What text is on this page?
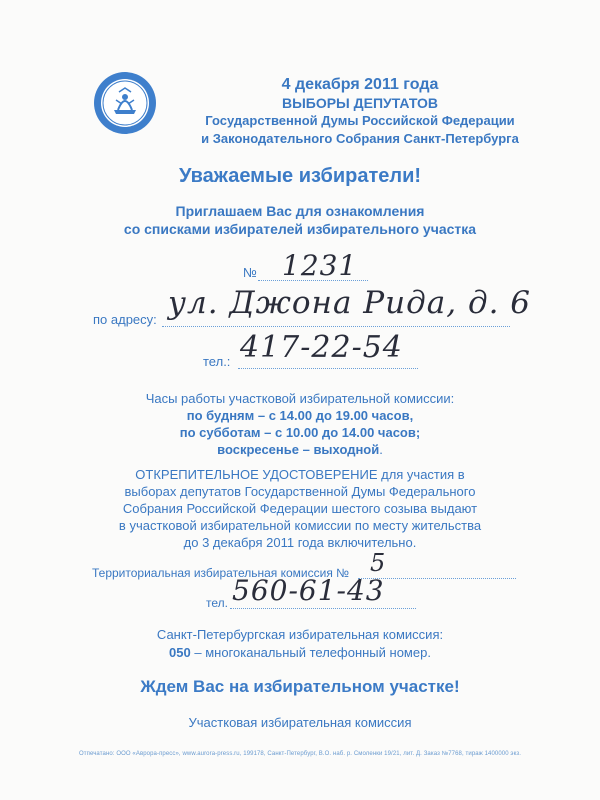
4 декабря 2011 года
ВЫБОРЫ ДЕПУТАТОВ
Государственной Думы Российской Федерации
и Законодательного Собрания Санкт-Петербурга
Уважаемые избиратели!
Приглашаем Вас для ознакомления
со списками избирателей избирательного участка
№ 1231
по адресу: ул. Джона Рида, д. 6
тел.: 417-22-54
Часы работы участковой избирательной комиссии:
по будням – с 14.00 до 19.00 часов,
по субботам – с 10.00 до 14.00 часов;
воскресенье – выходной.
ОТКРЕПИТЕЛЬНОЕ УДОСТОВЕРЕНИЕ для участия в
выборах депутатов Государственной Думы Федерального
Собрания Российской Федерации шестого созыва выдают
в участковой избирательной комиссии по месту жительства
до 3 декабря 2011 года включительно.
Территориальная избирательная комиссия № 5
тел. 560-61-43
Санкт-Петербургская избирательная комиссия:
050 – многоканальный телефонный номер.
Ждем Вас на избирательном участке!
Участковая избирательная комиссия
Отпечатано: ООО «Аврора-пресс», www.aurora-press.ru, 199178, Санкт-Петербург, В.О. наб. р. Смоленки 19/21, лит. Д. Заказ №7768, тираж 1400000 экз.
